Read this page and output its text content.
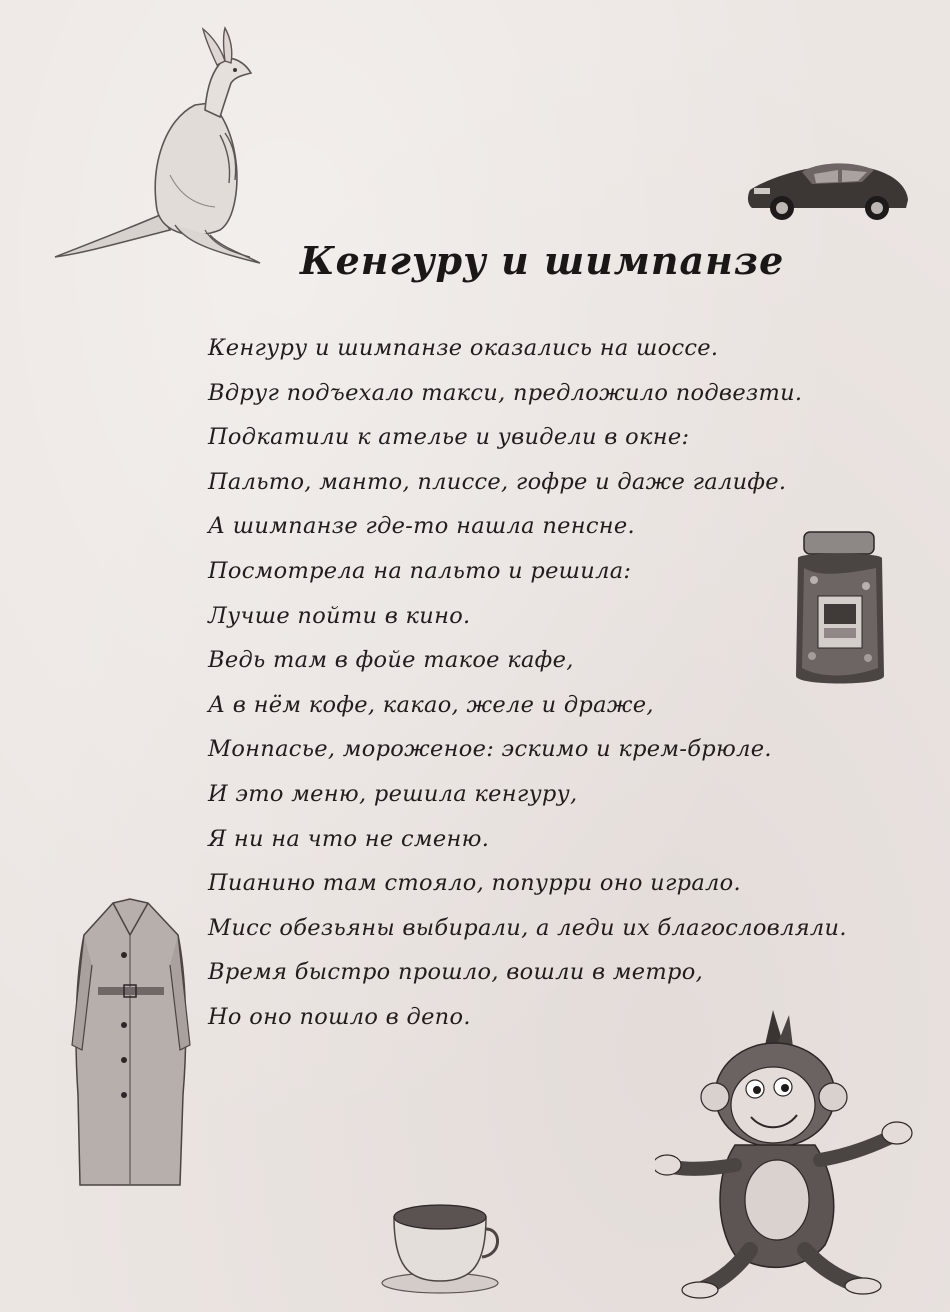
Кенгуру и шимпанзе
Кенгуру и шимпанзе оказались на шоссе.
Вдруг подъехало такси, предложило подвезти.
Подкатили к ателье и увидели в окне:
Пальто, манто, плиссе, гофре и даже галифе.
А шимпанзе где-то нашла пенсне.
Посмотрела на пальто и решила:
Лучше пойти в кино.
Ведь там в фойе такое кафе,
А в нём кофе, какао, желе и драже,
Монпасье, мороженое: эскимо и крем-брюле.
И это меню, решила кенгуру,
Я ни на что не сменю.
Пианино там стояло, попурри оно играло.
Мисс обезьяны выбирали, а леди их благословляли.
Время быстро прошло, вошли в метро,
Но оно пошло в депо.
